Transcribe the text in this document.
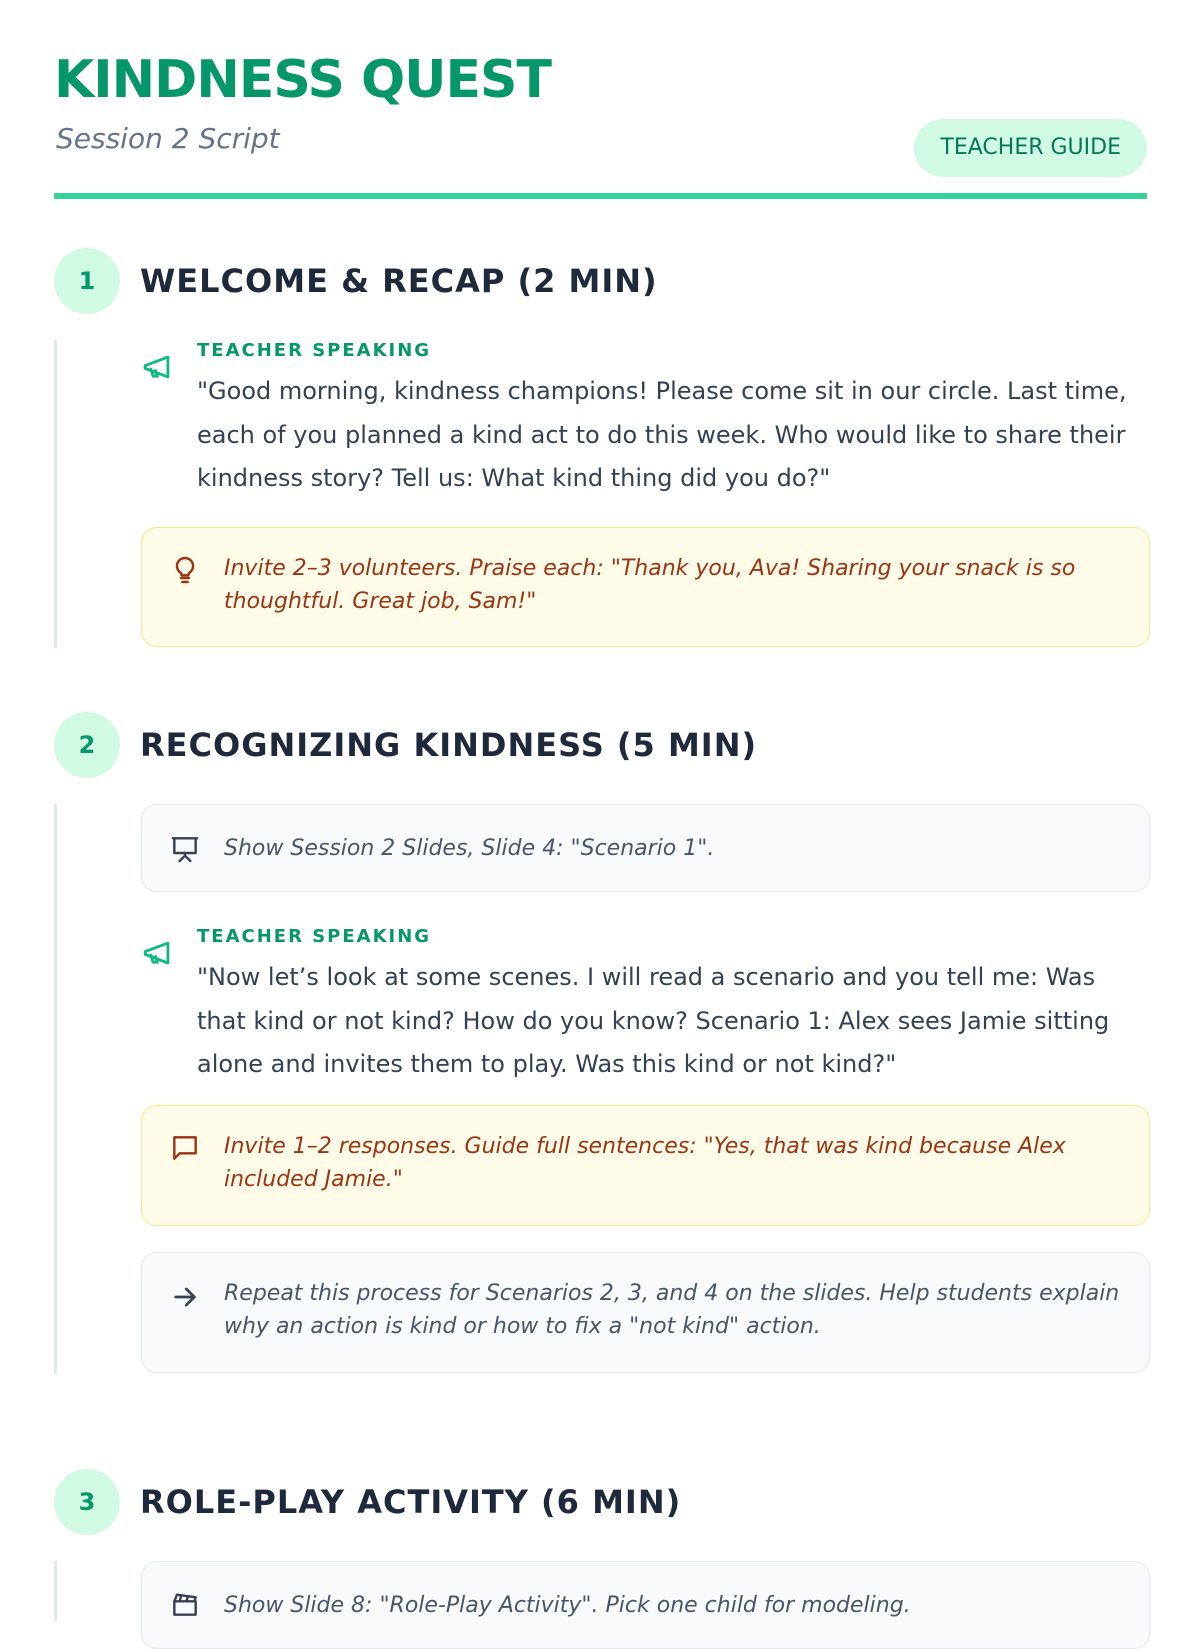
KINDNESS QUEST
Session 2 Script	TEACHER GUIDE
1	WELCOME & RECAP (2 MIN)
TEACHER SPEAKING
"Good morning, kindness champions! Please come sit in our circle. Last time, each of you planned a kind act to do this week. Who would like to share their kindness story? Tell us: What kind thing did you do?"
Invite 2–3 volunteers. Praise each: "Thank you, Ava! Sharing your snack is so thoughtful. Great job, Sam!"
2	RECOGNIZING KINDNESS (5 MIN)
Show Session 2 Slides, Slide 4: "Scenario 1".
TEACHER SPEAKING
"Now let’s look at some scenes. I will read a scenario and you tell me: Was that kind or not kind? How do you know? Scenario 1: Alex sees Jamie sitting alone and invites them to play. Was this kind or not kind?"
Invite 1–2 responses. Guide full sentences: "Yes, that was kind because Alex included Jamie."
Repeat this process for Scenarios 2, 3, and 4 on the slides. Help students explain why an action is kind or how to fix a "not kind" action.
3	ROLE-PLAY ACTIVITY (6 MIN)
Show Slide 8: "Role-Play Activity". Pick one child for modeling.
